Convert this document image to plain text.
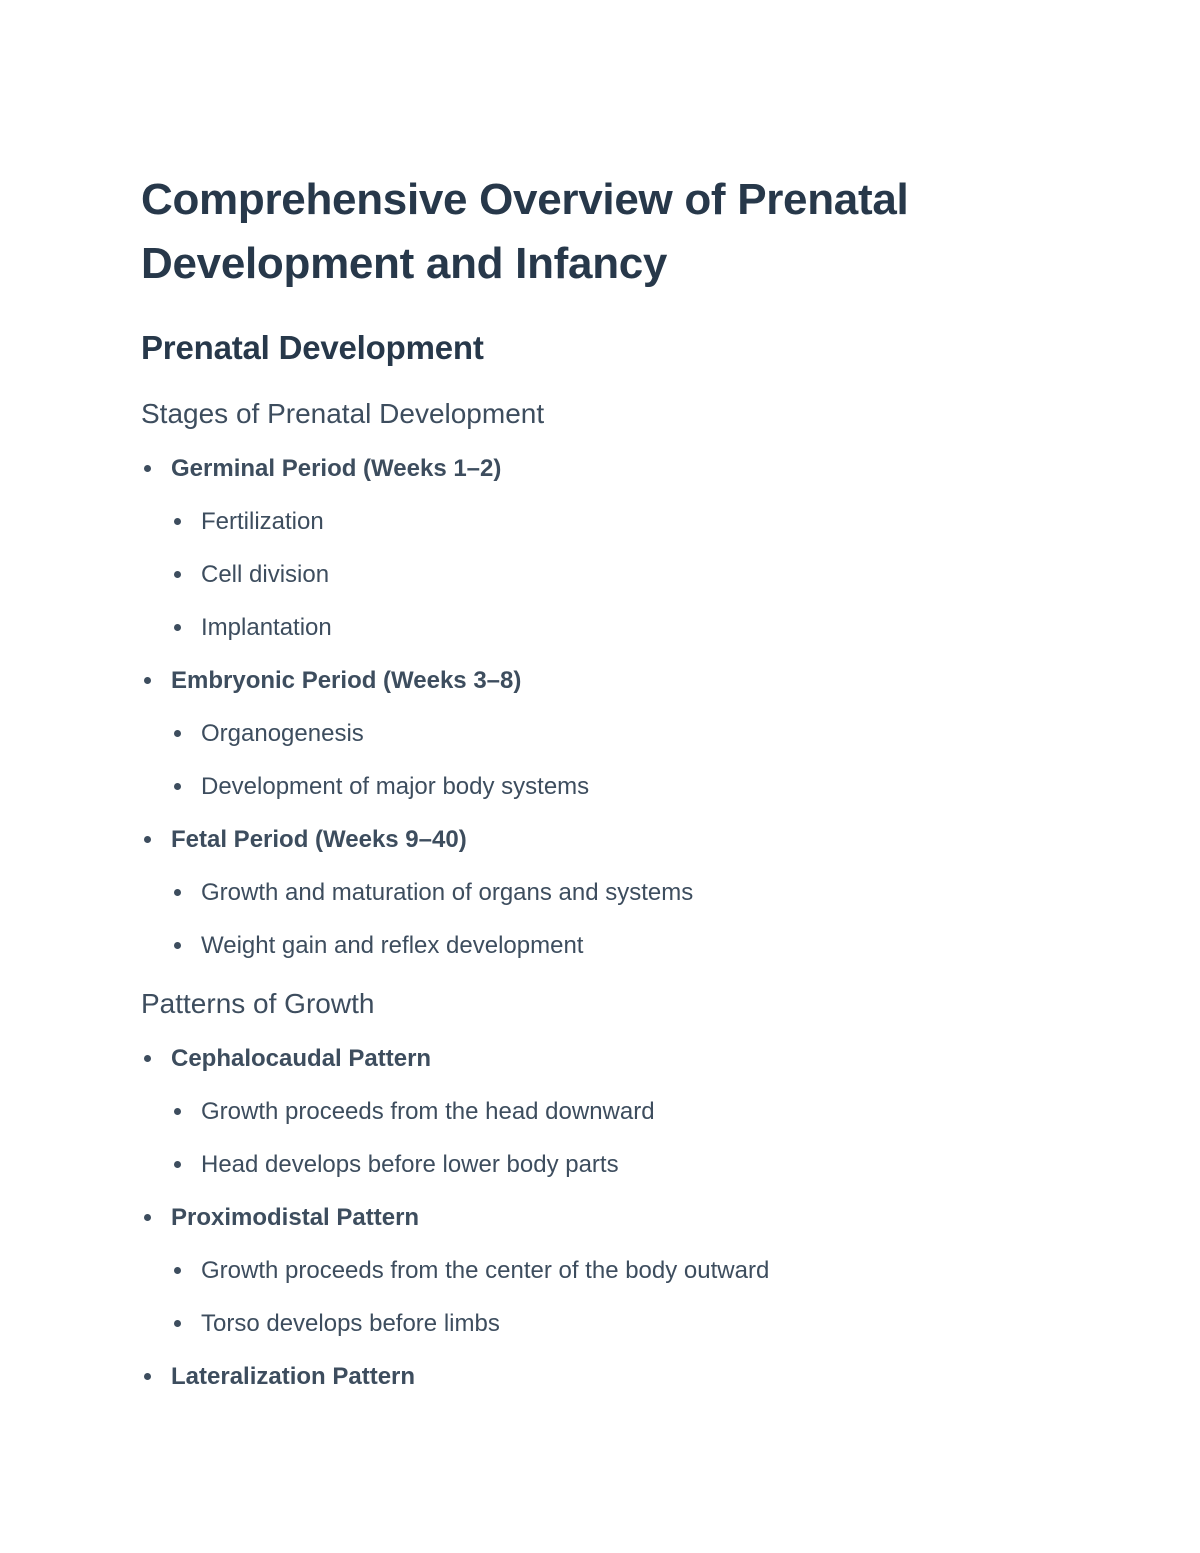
Comprehensive Overview of Prenatal Development and Infancy
Prenatal Development
Stages of Prenatal Development
Germinal Period (Weeks 1–2)
Fertilization
Cell division
Implantation
Embryonic Period (Weeks 3–8)
Organogenesis
Development of major body systems
Fetal Period (Weeks 9–40)
Growth and maturation of organs and systems
Weight gain and reflex development
Patterns of Growth
Cephalocaudal Pattern
Growth proceeds from the head downward
Head develops before lower body parts
Proximodistal Pattern
Growth proceeds from the center of the body outward
Torso develops before limbs
Lateralization Pattern
